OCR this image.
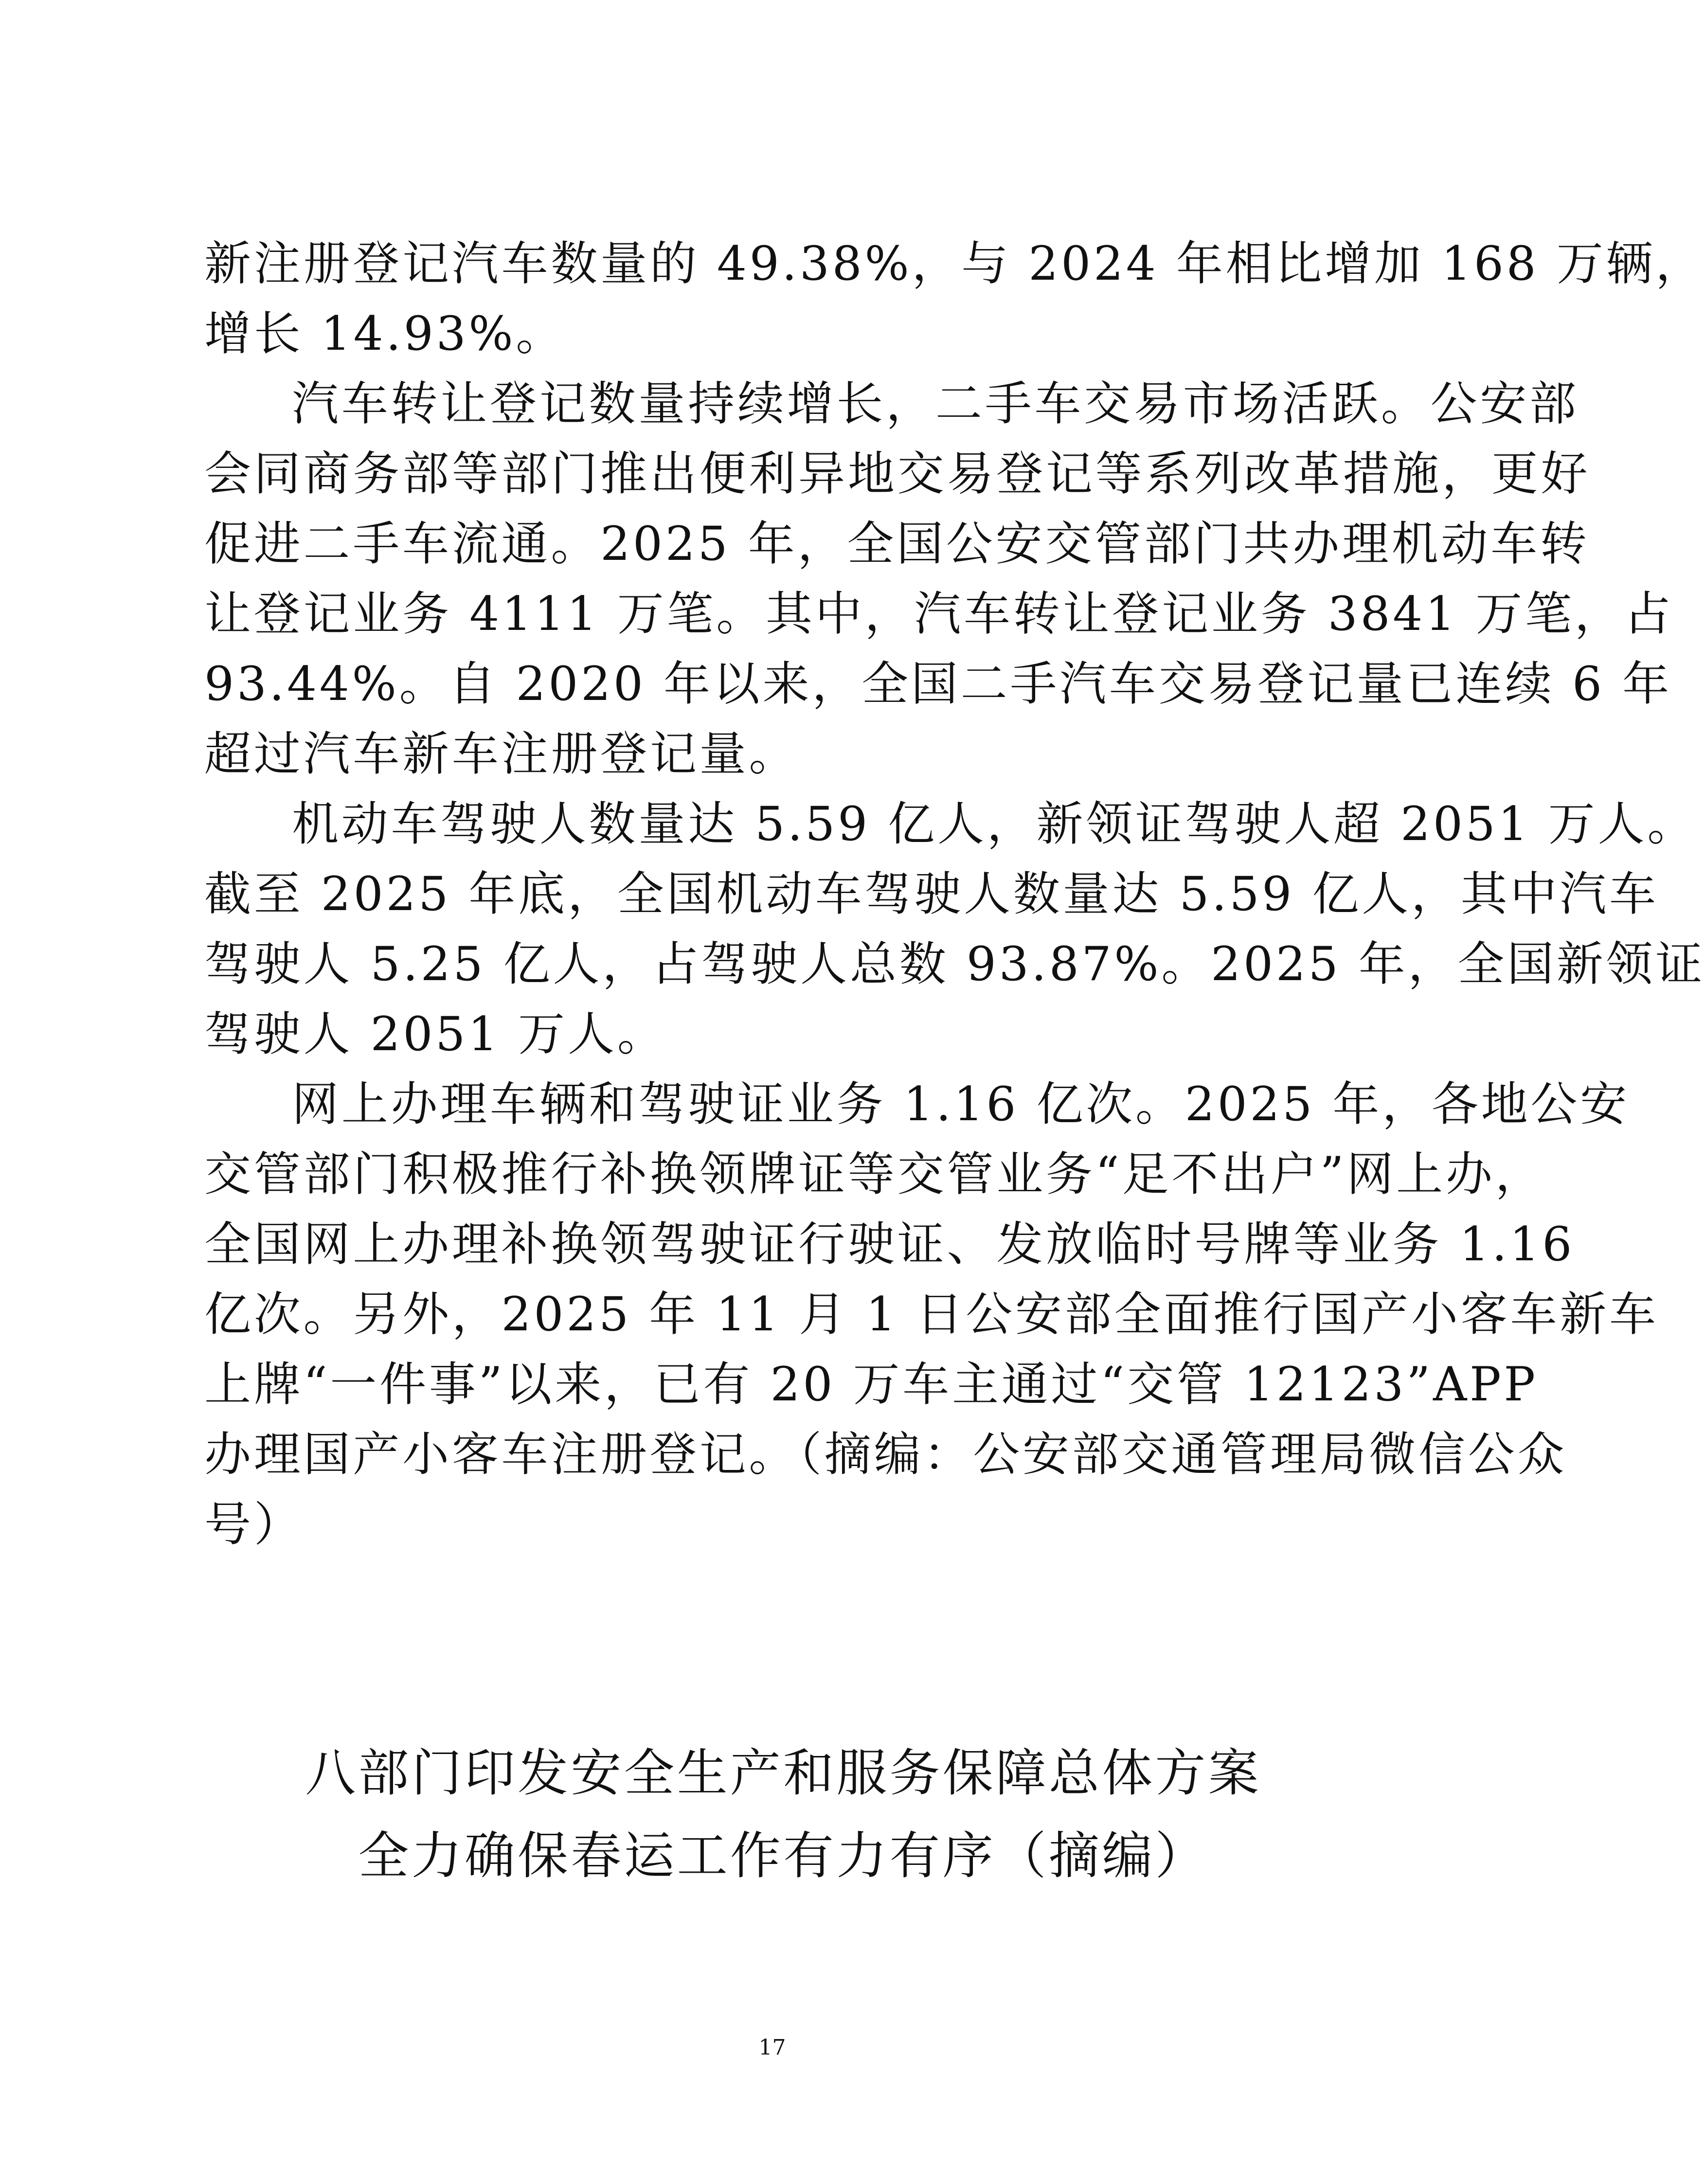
新注册登记汽车数量的 49.38%，与 2024 年相比增加 168 万辆，
增长 14.93%。
汽车转让登记数量持续增长，二手车交易市场活跃。公安部
会同商务部等部门推出便利异地交易登记等系列改革措施，更好
促进二手车流通。2025 年，全国公安交管部门共办理机动车转
让登记业务 4111 万笔。其中，汽车转让登记业务 3841 万笔，占
93.44%。自 2020 年以来，全国二手汽车交易登记量已连续 6 年
超过汽车新车注册登记量。
机动车驾驶人数量达 5.59 亿人，新领证驾驶人超 2051 万人。
截至 2025 年底，全国机动车驾驶人数量达 5.59 亿人，其中汽车
驾驶人 5.25 亿人，占驾驶人总数 93.87%。2025 年，全国新领证
驾驶人 2051 万人。
网上办理车辆和驾驶证业务 1.16 亿次。2025 年，各地公安
交管部门积极推行补换领牌证等交管业务“足不出户”网上办，
全国网上办理补换领驾驶证行驶证、发放临时号牌等业务 1.16
亿次。另外，2025 年 11 月 1 日公安部全面推行国产小客车新车
上牌“一件事”以来，已有 20 万车主通过“交管 12123”APP
办理国产小客车注册登记。（摘编：公安部交通管理局微信公众
号）
八部门印发安全生产和服务保障总体方案
全力确保春运工作有力有序（摘编）
17
